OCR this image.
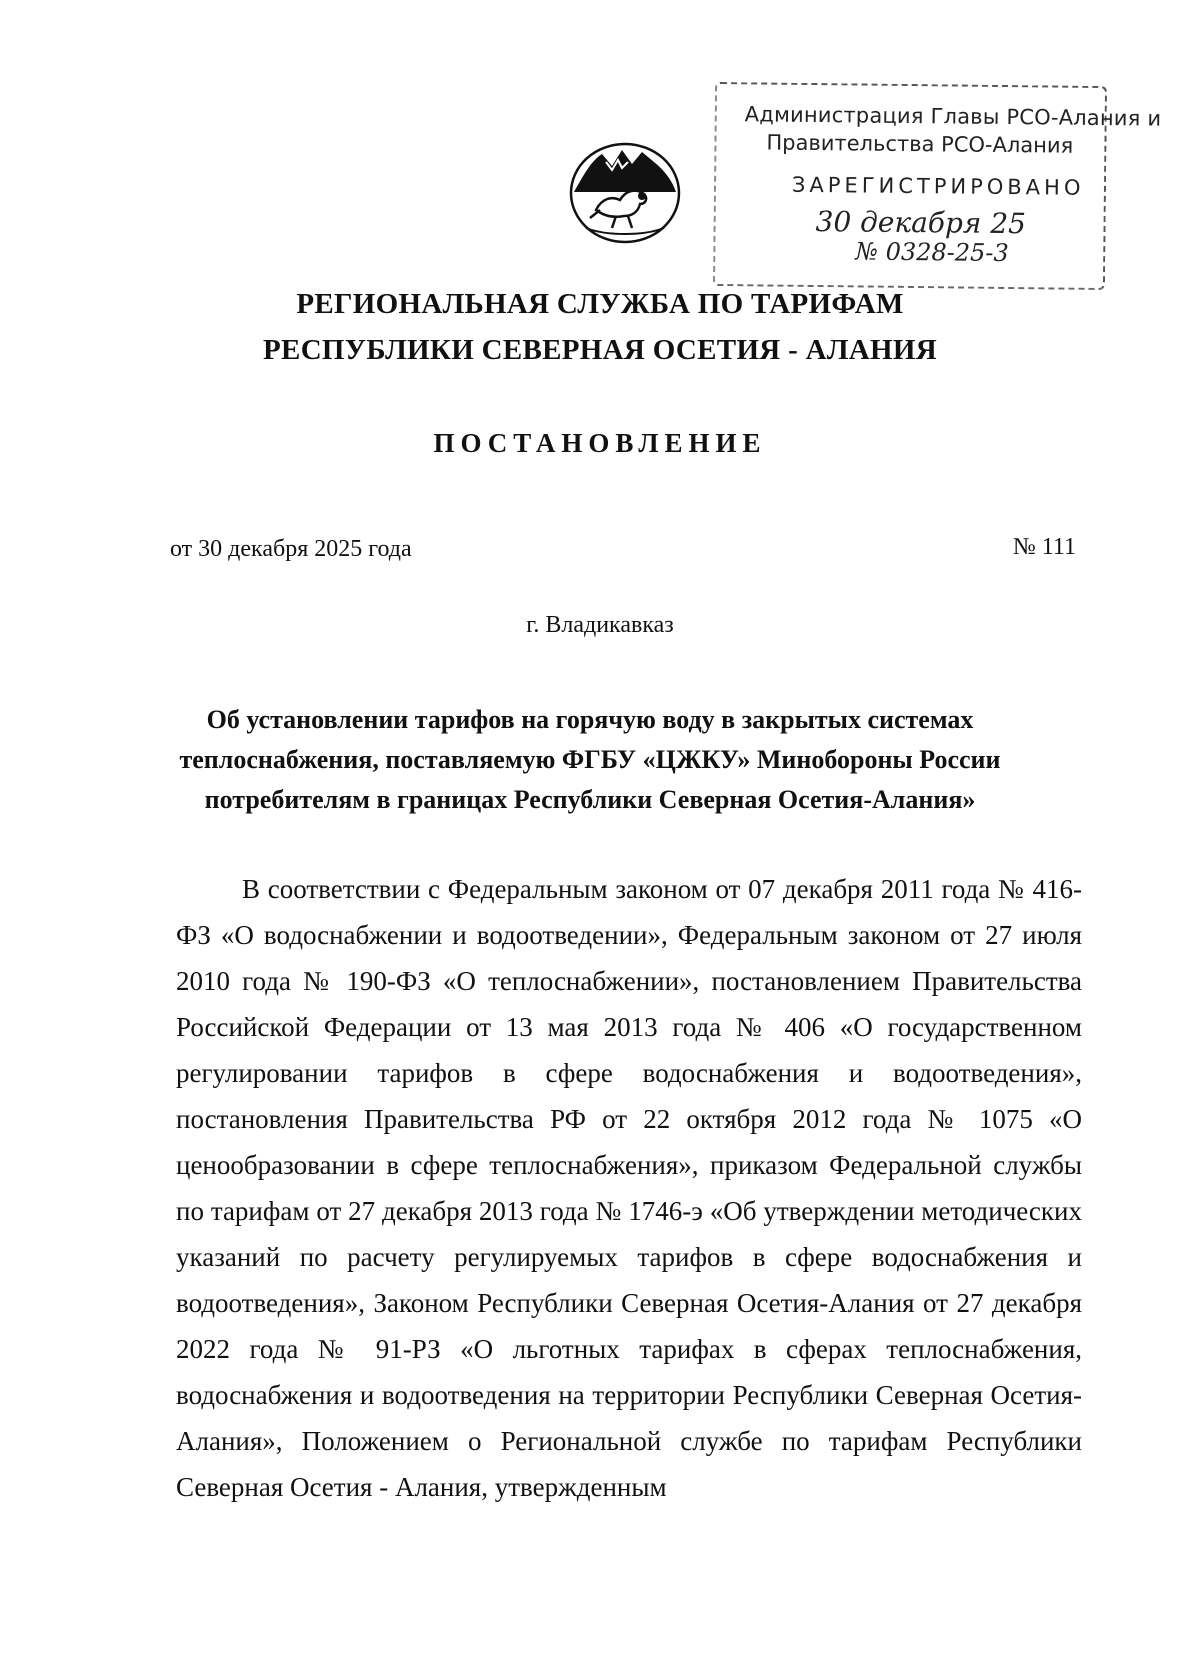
Администрация Главы РСО-Алания и
Правительства РСО-Алания
ЗАРЕГИСТРИРОВАНО
30 декабря 25
№ 0328-25-3
РЕГИОНАЛЬНАЯ СЛУЖБА ПО ТАРИФАМ
РЕСПУБЛИКИ СЕВЕРНАЯ ОСЕТИЯ - АЛАНИЯ
ПОСТАНОВЛЕНИЕ
от 30 декабря 2025 года	№ 111
г. Владикавказ
Об установлении тарифов на горячую воду в закрытых системах
теплоснабжения, поставляемую ФГБУ «ЦЖКУ» Минобороны России
потребителям в границах Республики Северная Осетия-Алания»

В соответствии с Федеральным законом от 07 декабря 2011 года № 416-ФЗ «О водоснабжении и водоотведении», Федеральным законом от 27 июля 2010 года № 190-ФЗ «О теплоснабжении», постановлением Правительства Российской Федерации от 13 мая 2013 года № 406 «О государственном регулировании тарифов в сфере водоснабжения и водоотведения», постановления Правительства РФ от 22 октября 2012 года № 1075 «О ценообразовании в сфере теплоснабжения», приказом Федеральной службы по тарифам от 27 декабря 2013 года № 1746-э «Об утверждении методических указаний по расчету регулируемых тарифов в сфере водоснабжения и водоотведения», Законом Республики Северная Осетия-Алания от 27 декабря 2022 года № 91-РЗ «О льготных тарифах в сферах теплоснабжения, водоснабжения и водоотведения на территории Республики Северная Осетия-Алания», Положением о Региональной службе по тарифам Республики Северная Осетия - Алания, утвержденным
